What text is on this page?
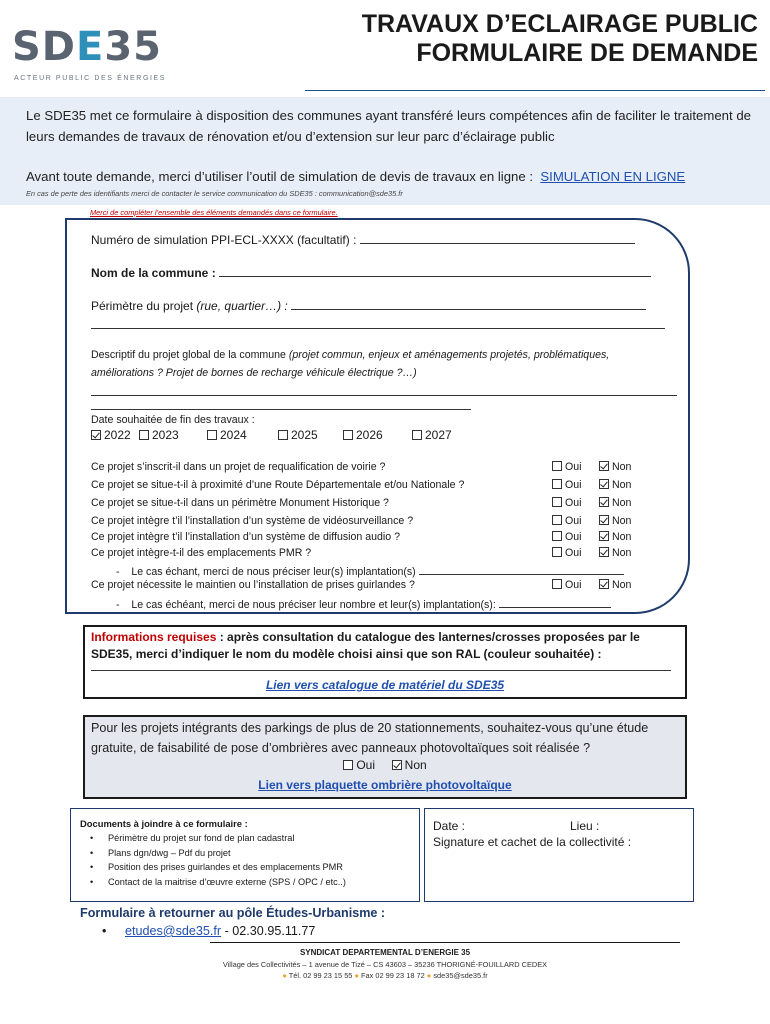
SDE35
ACTEUR PUBLIC DES ÉNERGIES
TRAVAUX D’ECLAIRAGE PUBLIC
FORMULAIRE DE DEMANDE
Le SDE35 met ce formulaire à disposition des communes ayant transféré leurs compétences afin de faciliter le traitement de leurs demandes de travaux de rénovation et/ou d’extension sur leur parc d’éclairage public
Avant toute demande, merci d’utiliser l’outil de simulation de devis de travaux en ligne : SIMULATION EN LIGNE
En cas de perte des identifiants merci de contacter le service communication du SDE35 : communication@sde35.fr
Merci de compléter l’ensemble des éléments demandés dans ce formulaire.
Numéro de simulation PPI-ECL-XXXX (facultatif) :
Nom de la commune :
Périmètre du projet (rue, quartier…) :
Descriptif du projet global de la commune (projet commun, enjeux et aménagements projetés, problématiques,
améliorations ? Projet de bornes de recharge véhicule électrique ?…)
Date souhaitée de fin des travaux :
2022	2023	2024	2025	2026	2027
Ce projet s’inscrit-il dans un projet de requalification de voirie ?	Oui	Non
Ce projet se situe-t-il à proximité d’une Route Départementale et/ou Nationale ?	Oui	Non
Ce projet se situe-t-il dans un périmètre Monument Historique ?	Oui	Non
Ce projet intègre t’il l’installation d’un système de vidéosurveillance ?	Oui	Non
Ce projet intègre t’il l’installation d’un système de diffusion audio ?	Oui	Non
Ce projet intègre-t-il des emplacements PMR ?	Oui	Non
- Le cas échant, merci de nous préciser leur(s) implantation(s)
Ce projet nécessite le maintien ou l’installation de prises guirlandes ?	Oui	Non
- Le cas échéant, merci de nous préciser leur nombre et leur(s) implantation(s):
Informations requises : après consultation du catalogue des lanternes/crosses proposées par le SDE35, merci d’indiquer le nom du modèle choisi ainsi que son RAL (couleur souhaitée) :
Lien vers catalogue de matériel du SDE35
Pour les projets intégrants des parkings de plus de 20 stationnements, souhaitez-vous qu’une étude gratuite, de faisabilité de pose d’ombrières avec panneaux photovoltaïques soit réalisée ?
Oui Non
Lien vers plaquette ombrière photovoltaïque
Documents à joindre à ce formulaire :
• Périmètre du projet sur fond de plan cadastral
• Plans dgn/dwg – Pdf du projet
• Position des prises guirlandes et des emplacements PMR
• Contact de la maitrise d’œuvre externe (SPS / OPC / etc..)
Date :	Lieu :
Signature et cachet de la collectivité :
Formulaire à retourner au pôle Études-Urbanisme :
• etudes@sde35.fr - 02.30.95.11.77
SYNDICAT DEPARTEMENTAL D’ENERGIE 35
Village des Collectivités – 1 avenue de Tizé – CS 43603 – 35236 THORIGNÉ-FOUILLARD CEDEX
● Tél. 02 99 23 15 55 ● Fax 02 99 23 18 72 ● sde35@sde35.fr
